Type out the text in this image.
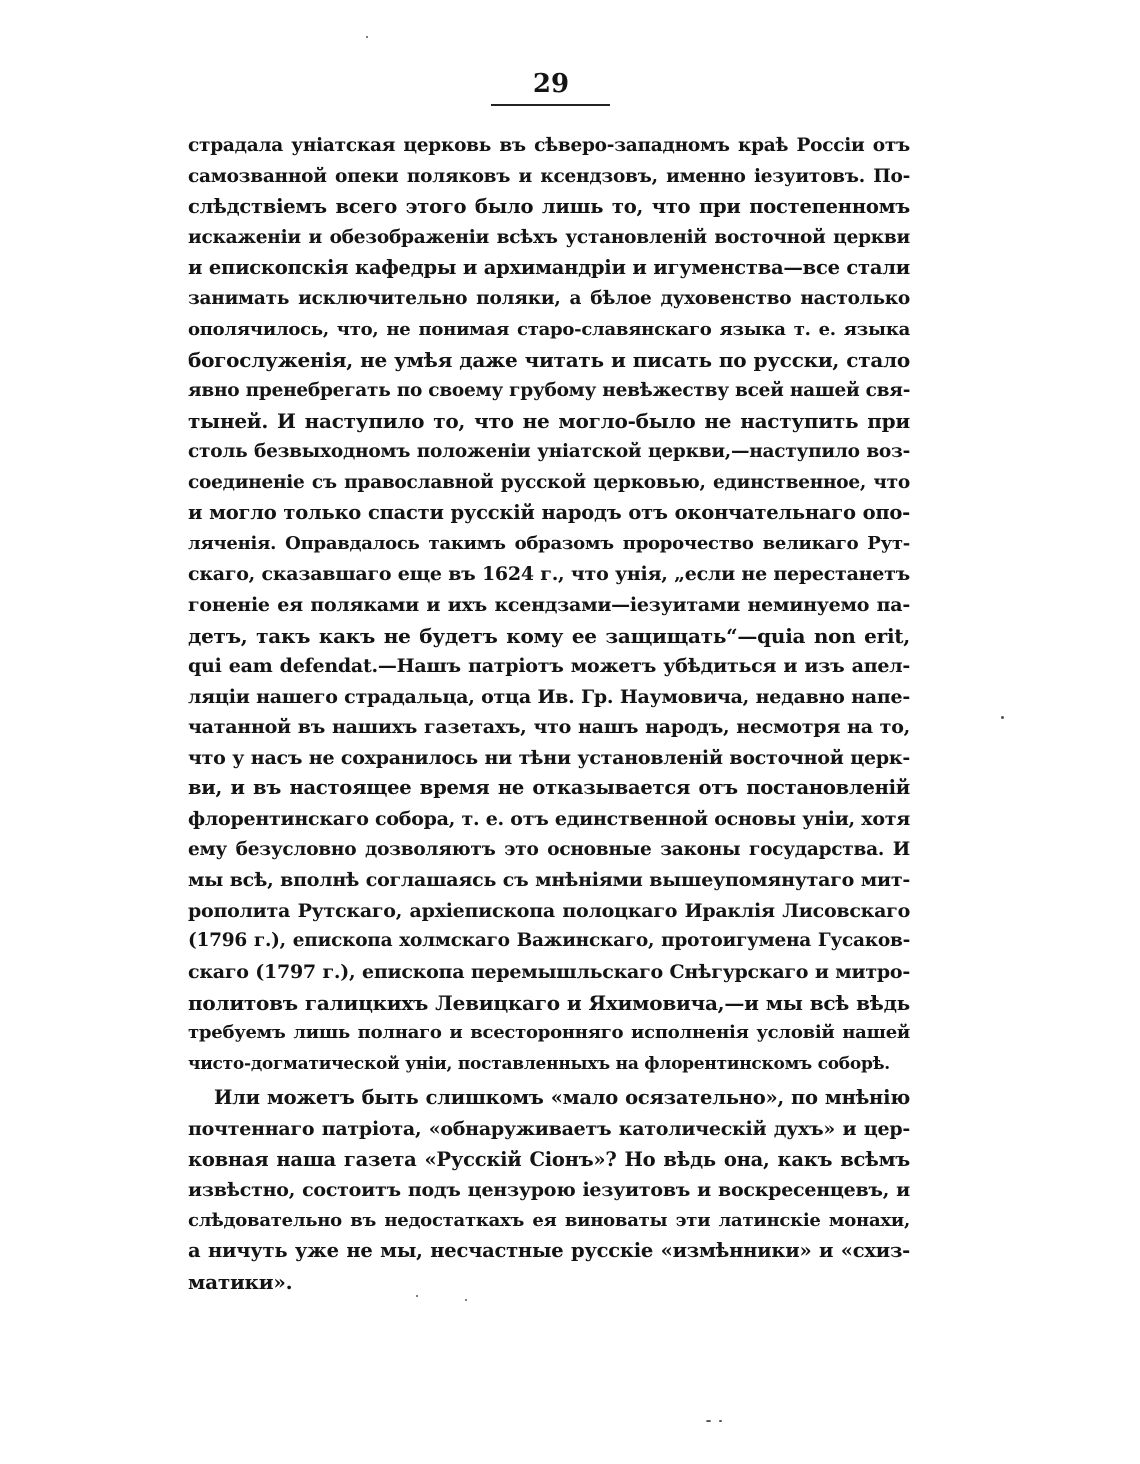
29
страдала уніатская церковь въ сѣверо-западномъ краѣ Россіи отъ
самозванной опеки поляковъ и ксендзовъ, именно іезуитовъ. По-
слѣдствіемъ всего этого было лишь то, что при постепенномъ
искаженіи и обезображеніи всѣхъ установленій восточной церкви
и епископскія кафедры и архимандріи и игуменства—все стали
занимать исключительно поляки, а бѣлое духовенство настолько
ополячилось, что, не понимая старо-славянскаго языка т. е. языка
богослуженія, не умѣя даже читать и писать по русски, стало
явно пренебрегать по своему грубому невѣжеству всей нашей свя-
тыней. И наступило то, что не могло-было не наступить при
столь безвыходномъ положеніи уніатской церкви,—наступило воз-
соединеніе съ православной русской церковью, единственное, что
и могло только спасти русскій народъ отъ окончательнаго опо-
ляченія. Оправдалось такимъ образомъ пророчество великаго Рут-
скаго, сказавшаго еще въ 1624 г., что унія, „если не перестанетъ
гоненіе ея поляками и ихъ ксендзами—іезуитами неминуемо па-
детъ, такъ какъ не будетъ кому ее защищать“—quia non erit,
qui eam defendat.—Нашъ патріотъ можетъ убѣдиться и изъ апел-
ляціи нашего страдальца, отца Ив. Гр. Наумовича, недавно напе-
чатанной въ нашихъ газетахъ, что нашъ народъ, несмотря на то,
что у насъ не сохранилось ни тѣни установленій восточной церк-
ви, и въ настоящее время не отказывается отъ постановленій
флорентинскаго собора, т. е. отъ единственной основы уніи, хотя
ему безусловно дозволяютъ это основные законы государства. И
мы всѣ, вполнѣ соглашаясь съ мнѣніями вышеупомянутаго мит-
рополита Рутскаго, архіепископа полоцкаго Ираклія Лисовскаго
(1796 г.), епископа холмскаго Важинскаго, протоигумена Гусаков-
скаго (1797 г.), епископа перемышльскаго Снѣгурскаго и митро-
политовъ галицкихъ Левицкаго и Яхимовича,—и мы всѣ вѣдь
требуемъ лишь полнаго и всесторонняго исполненія условій нашей
чисто-догматической уніи, поставленныхъ на флорентинскомъ соборѣ.
Или можетъ быть слишкомъ «мало осязательно», по мнѣнію
почтеннаго патріота, «обнаруживаетъ католическій духъ» и цер-
ковная наша газета «Русскій Сіонъ»? Но вѣдь она, какъ всѣмъ
извѣстно, состоитъ подъ цензурою іезуитовъ и воскресенцевъ, и
слѣдовательно въ недостаткахъ ея виноваты эти латинскіе монахи,
а ничуть уже не мы, несчастные русскіе «измѣнники» и «схиз-
матики».
